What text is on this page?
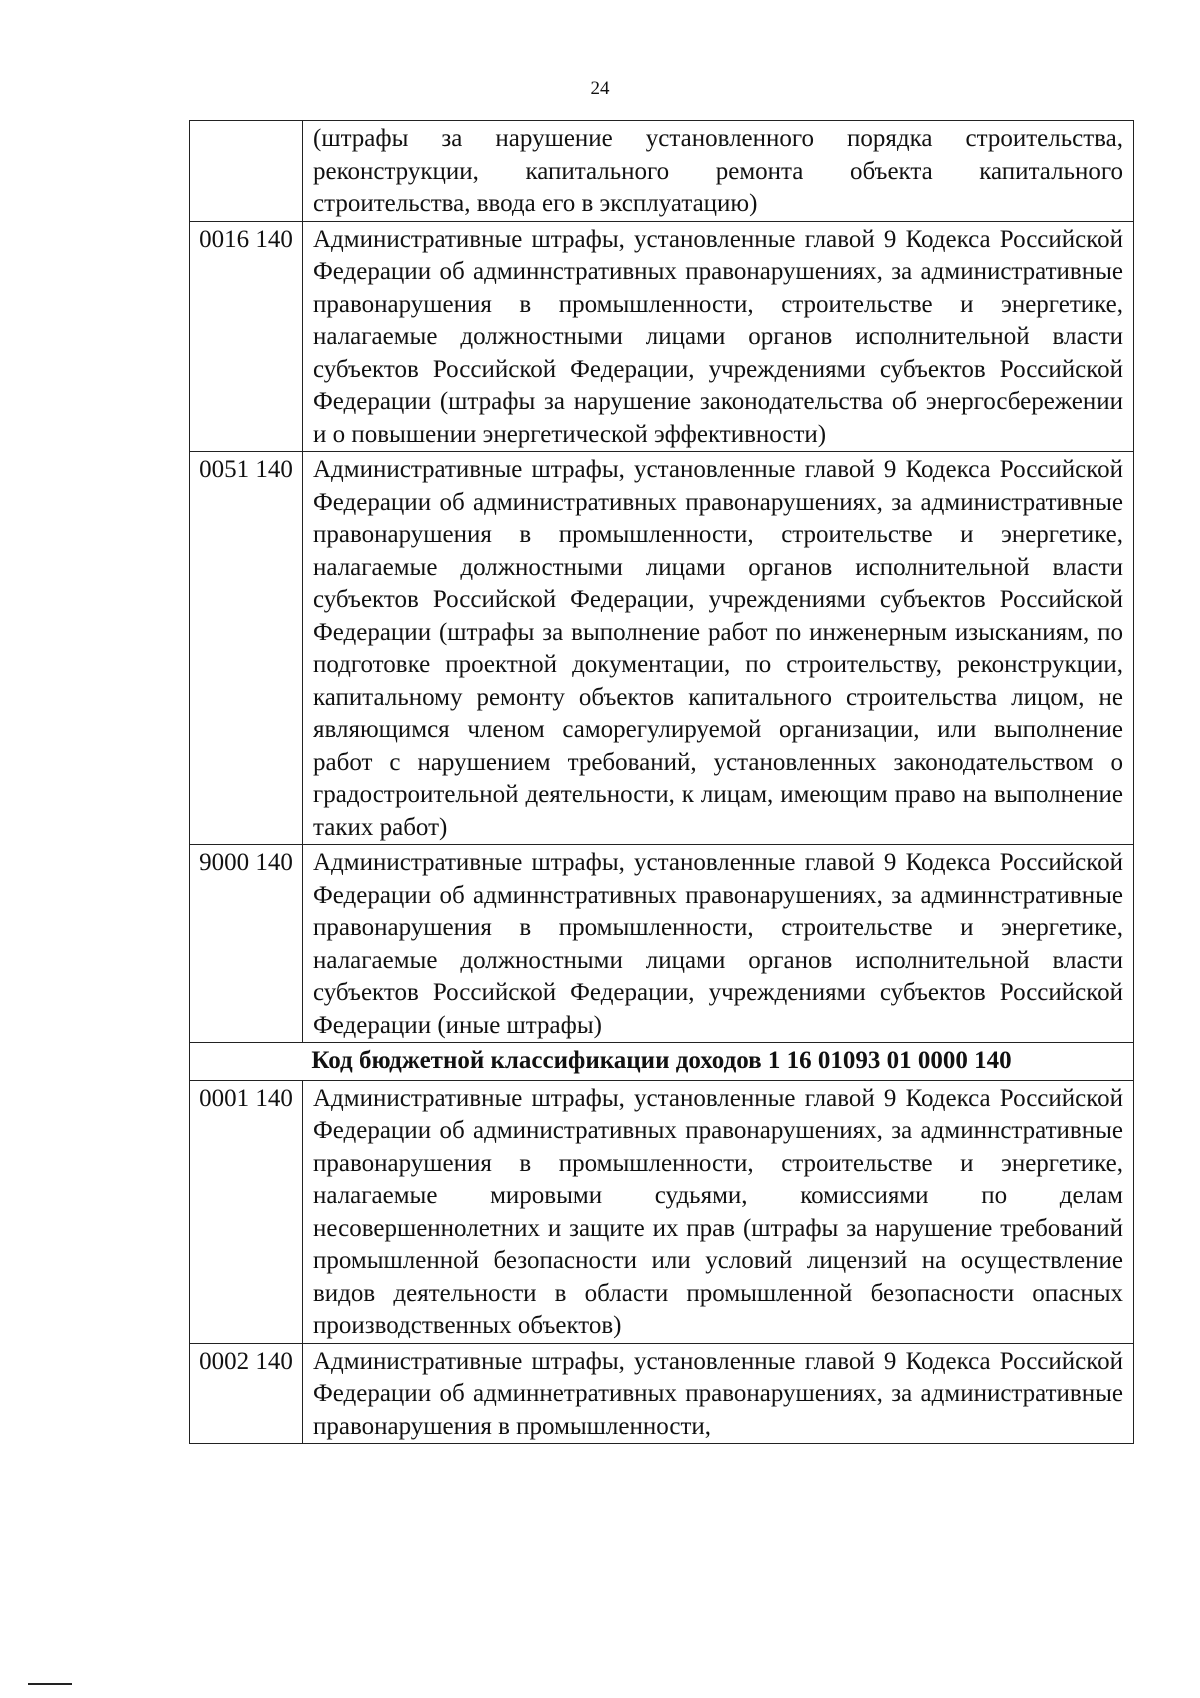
24
	(штрафы за нарушение установленного порядка строительства, реконструкции, капитального ремонта объекта капитального строительства, ввода его в эксплуатацию)
0016 140	Административные штрафы, установленные главой 9 Кодекса Российской Федерации об админнстративных правонарушениях, за административные правонарушения в промышленности, строительстве и энергетике, налагаемые должностными лицами органов исполнительной власти субъектов Российской Федерации, учреждениями субъектов Российской Федерации (штрафы за нарушение законодательства об энергосбережении и о повышении энергетической эффективности)
0051 140	Административные штрафы, установленные главой 9 Кодекса Российской Федерации об административных правонарушениях, за административные правонарушения в промышленности, строительстве и энергетике, налагаемые должностными лицами органов исполнительной власти субъектов Российской Федерации, учреждениями субъектов Российской Федерации (штрафы за выполнение работ по инженерным изысканиям, по подготовке проектной документации, по строительству, реконструкции, капитальному ремонту объектов капитального строительства лицом, не являющимся членом саморегулируемой организации, или выполнение работ с нарушением требований, установленных законодательством о градостроительной деятельности, к лицам, имеющим право на выполнение таких работ)
9000 140	Административные штрафы, установленные главой 9 Кодекса Российской Федерации об админнстративных правонарушениях, за админнстративные правонарушения в промышленности, строительстве и энергетике, налагаемые должностными лицами органов исполнительной власти субъектов Российской Федерации, учреждениями субъектов Российской Федерации (иные штрафы)
Код бюджетной классификации доходов 1 16 01093 01 0000 140	
0001 140	Административные штрафы, установленные главой 9 Кодекса Российской Федерации об административных правонарушениях, за админнстративные правонарушения в промышленности, строительстве и энергетике, налагаемые мировыми судьями, комиссиями по делам несовершеннолетних и защите их прав (штрафы за нарушение требований промышленной безопасности или условий лицензий на осуществление видов деятельности в области промышленной безопасности опасных производственных объектов)
0002 140	Административные штрафы, установленные главой 9 Кодекса Российской Федерации об админнетративных правонарушениях, за административные правонарушения в промышленности,
